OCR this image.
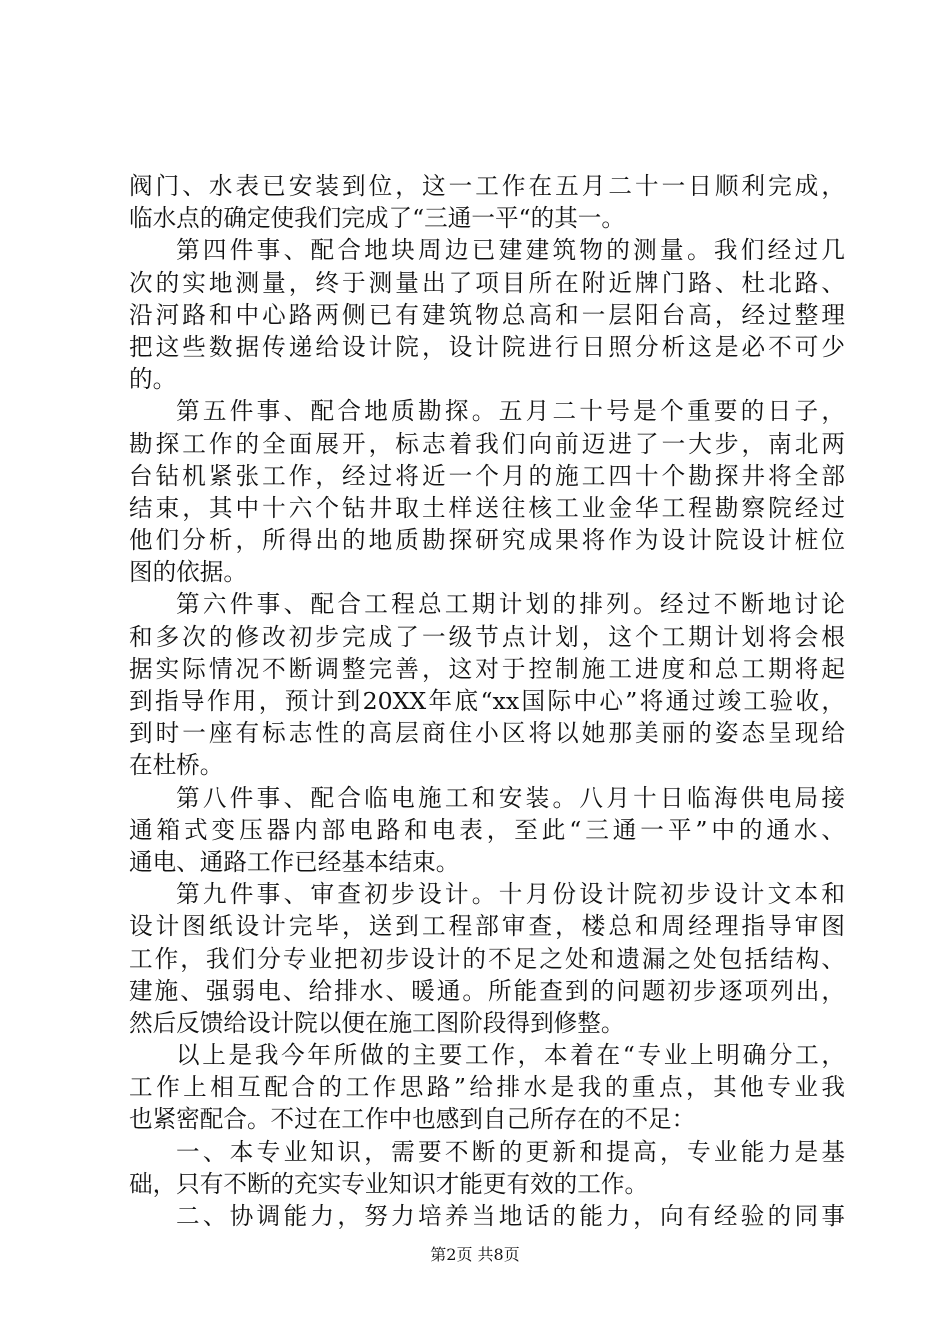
阀门、水表已安装到位，这一工作在五月二十一日顺利完成，
临水点的确定使我们完成了“三通一平“的其一。
第四件事、配合地块周边已建建筑物的测量。我们经过几
次的实地测量，终于测量出了项目所在附近牌门路、杜北路、
沿河路和中心路两侧已有建筑物总高和一层阳台高，经过整理
把这些数据传递给设计院，设计院进行日照分析这是必不可少
的。
第五件事、配合地质勘探。五月二十号是个重要的日子，
勘探工作的全面展开，标志着我们向前迈进了一大步，南北两
台钻机紧张工作，经过将近一个月的施工四十个勘探井将全部
结束，其中十六个钻井取土样送往核工业金华工程勘察院经过
他们分析，所得出的地质勘探研究成果将作为设计院设计桩位
图的依据。
第六件事、配合工程总工期计划的排列。经过不断地讨论
和多次的修改初步完成了一级节点计划，这个工期计划将会根
据实际情况不断调整完善，这对于控制施工进度和总工期将起
到指导作用，预计到20XX年底“xx国际中心”将通过竣工验收，
到时一座有标志性的高层商住小区将以她那美丽的姿态呈现给
在杜桥。
第八件事、配合临电施工和安装。八月十日临海供电局接
通箱式变压器内部电路和电表，至此“三通一平”中的通水、
通电、通路工作已经基本结束。
第九件事、审查初步设计。十月份设计院初步设计文本和
设计图纸设计完毕，送到工程部审查，楼总和周经理指导审图
工作，我们分专业把初步设计的不足之处和遗漏之处包括结构、
建施、强弱电、给排水、暖通。所能查到的问题初步逐项列出，
然后反馈给设计院以便在施工图阶段得到修整。
以上是我今年所做的主要工作，本着在“专业上明确分工，
工作上相互配合的工作思路”给排水是我的重点，其他专业我
也紧密配合。不过在工作中也感到自己所存在的不足：
一、本专业知识，需要不断的更新和提高，专业能力是基
础，只有不断的充实专业知识才能更有效的工作。
二、协调能力，努力培养当地话的能力，向有经验的同事
第2页 共8页
